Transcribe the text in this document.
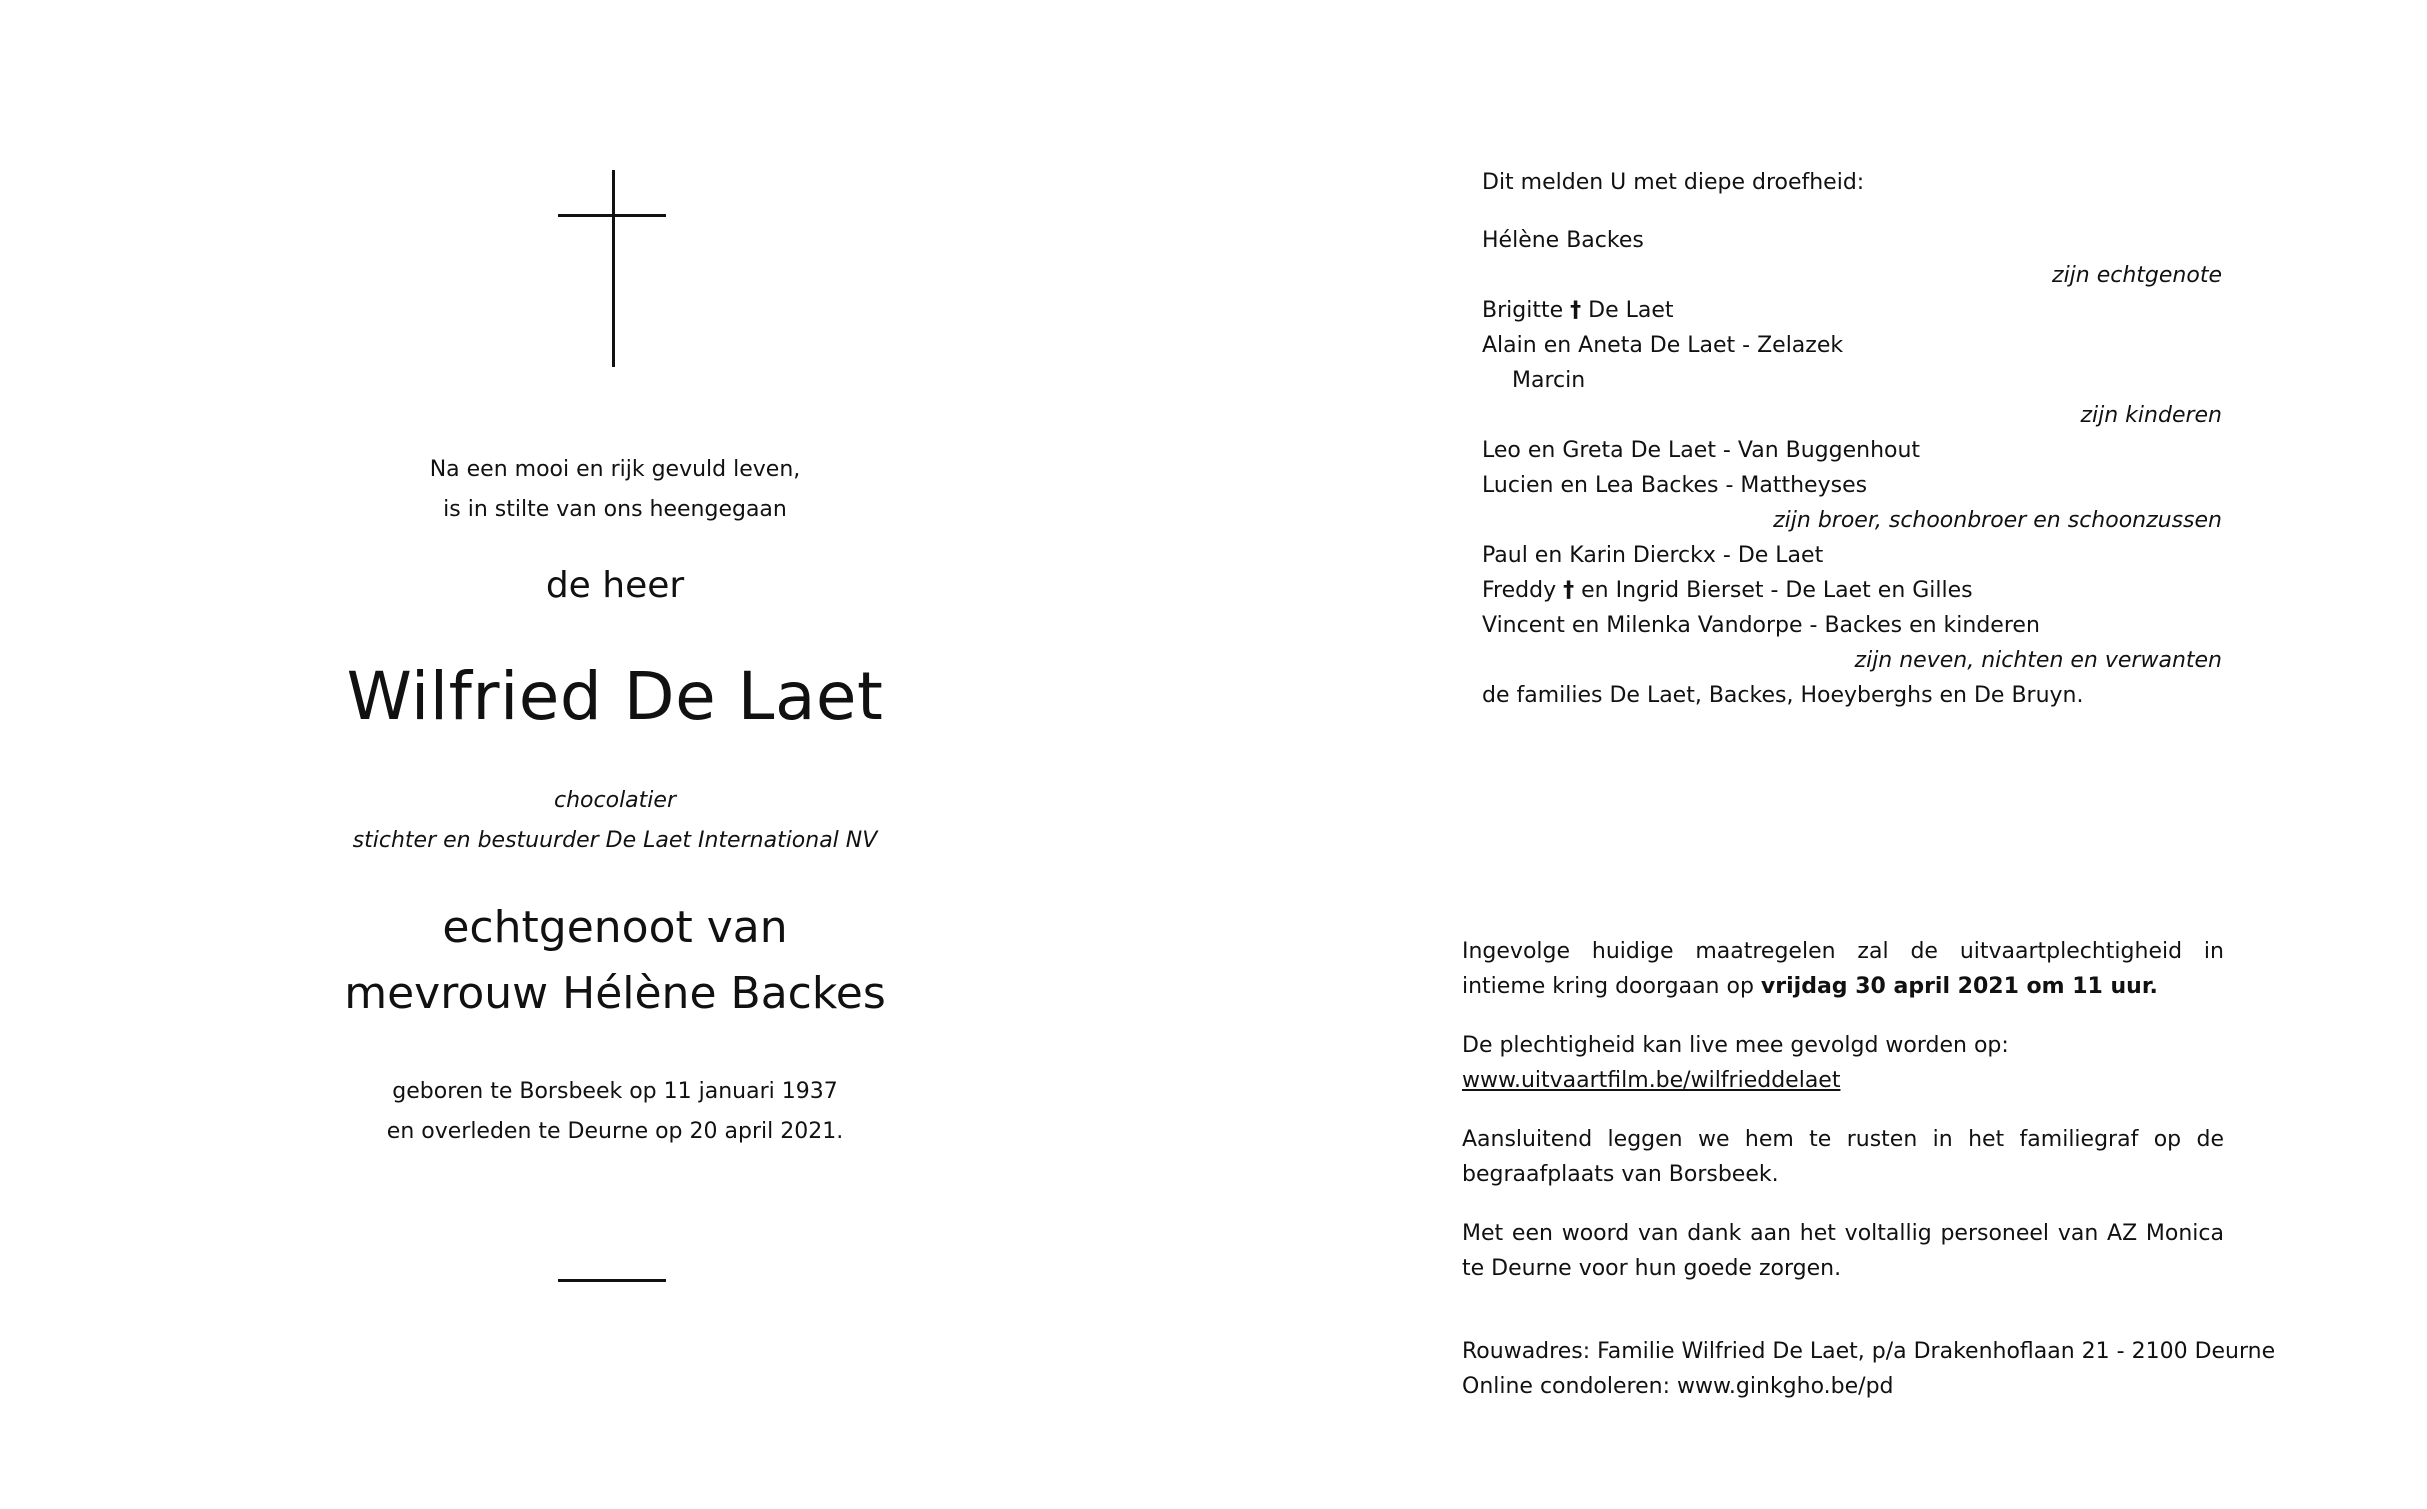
Na een mooi en rijk gevuld leven,
is in stilte van ons heengegaan
de heer
Wilfried De Laet
chocolatier
stichter en bestuurder De Laet International NV
echtgenoot van
mevrouw Hélène Backes
geboren te Borsbeek op 11 januari 1937
en overleden te Deurne op 20 april 2021.
Dit melden U met diepe droefheid:
Hélène Backes
zijn echtgenote
Brigitte † De Laet
Alain en Aneta De Laet - Zelazek
Marcin
zijn kinderen
Leo en Greta De Laet - Van Buggenhout
Lucien en Lea Backes - Mattheyses
zijn broer, schoonbroer en schoonzussen
Paul en Karin Dierckx - De Laet
Freddy † en Ingrid Bierset - De Laet en Gilles
Vincent en Milenka Vandorpe - Backes en kinderen
zijn neven, nichten en verwanten
de families De Laet, Backes, Hoeyberghs en De Bruyn.

Ingevolge huidige maatregelen zal de uitvaartplechtigheid in intieme kring doorgaan op vrijdag 30 april 2021 om 11 uur.

De plechtigheid kan live mee gevolgd worden op:
www.uitvaartfilm.be/wilfrieddelaet

Aansluitend leggen we hem te rusten in het familiegraf op de begraafplaats van Borsbeek.

Met een woord van dank aan het voltallig personeel van AZ Monica te Deurne voor hun goede zorgen.

Rouwadres: Familie Wilfried De Laet, p/a Drakenhoflaan 21 - 2100 Deurne
Online condoleren: www.ginkgho.be/pd
